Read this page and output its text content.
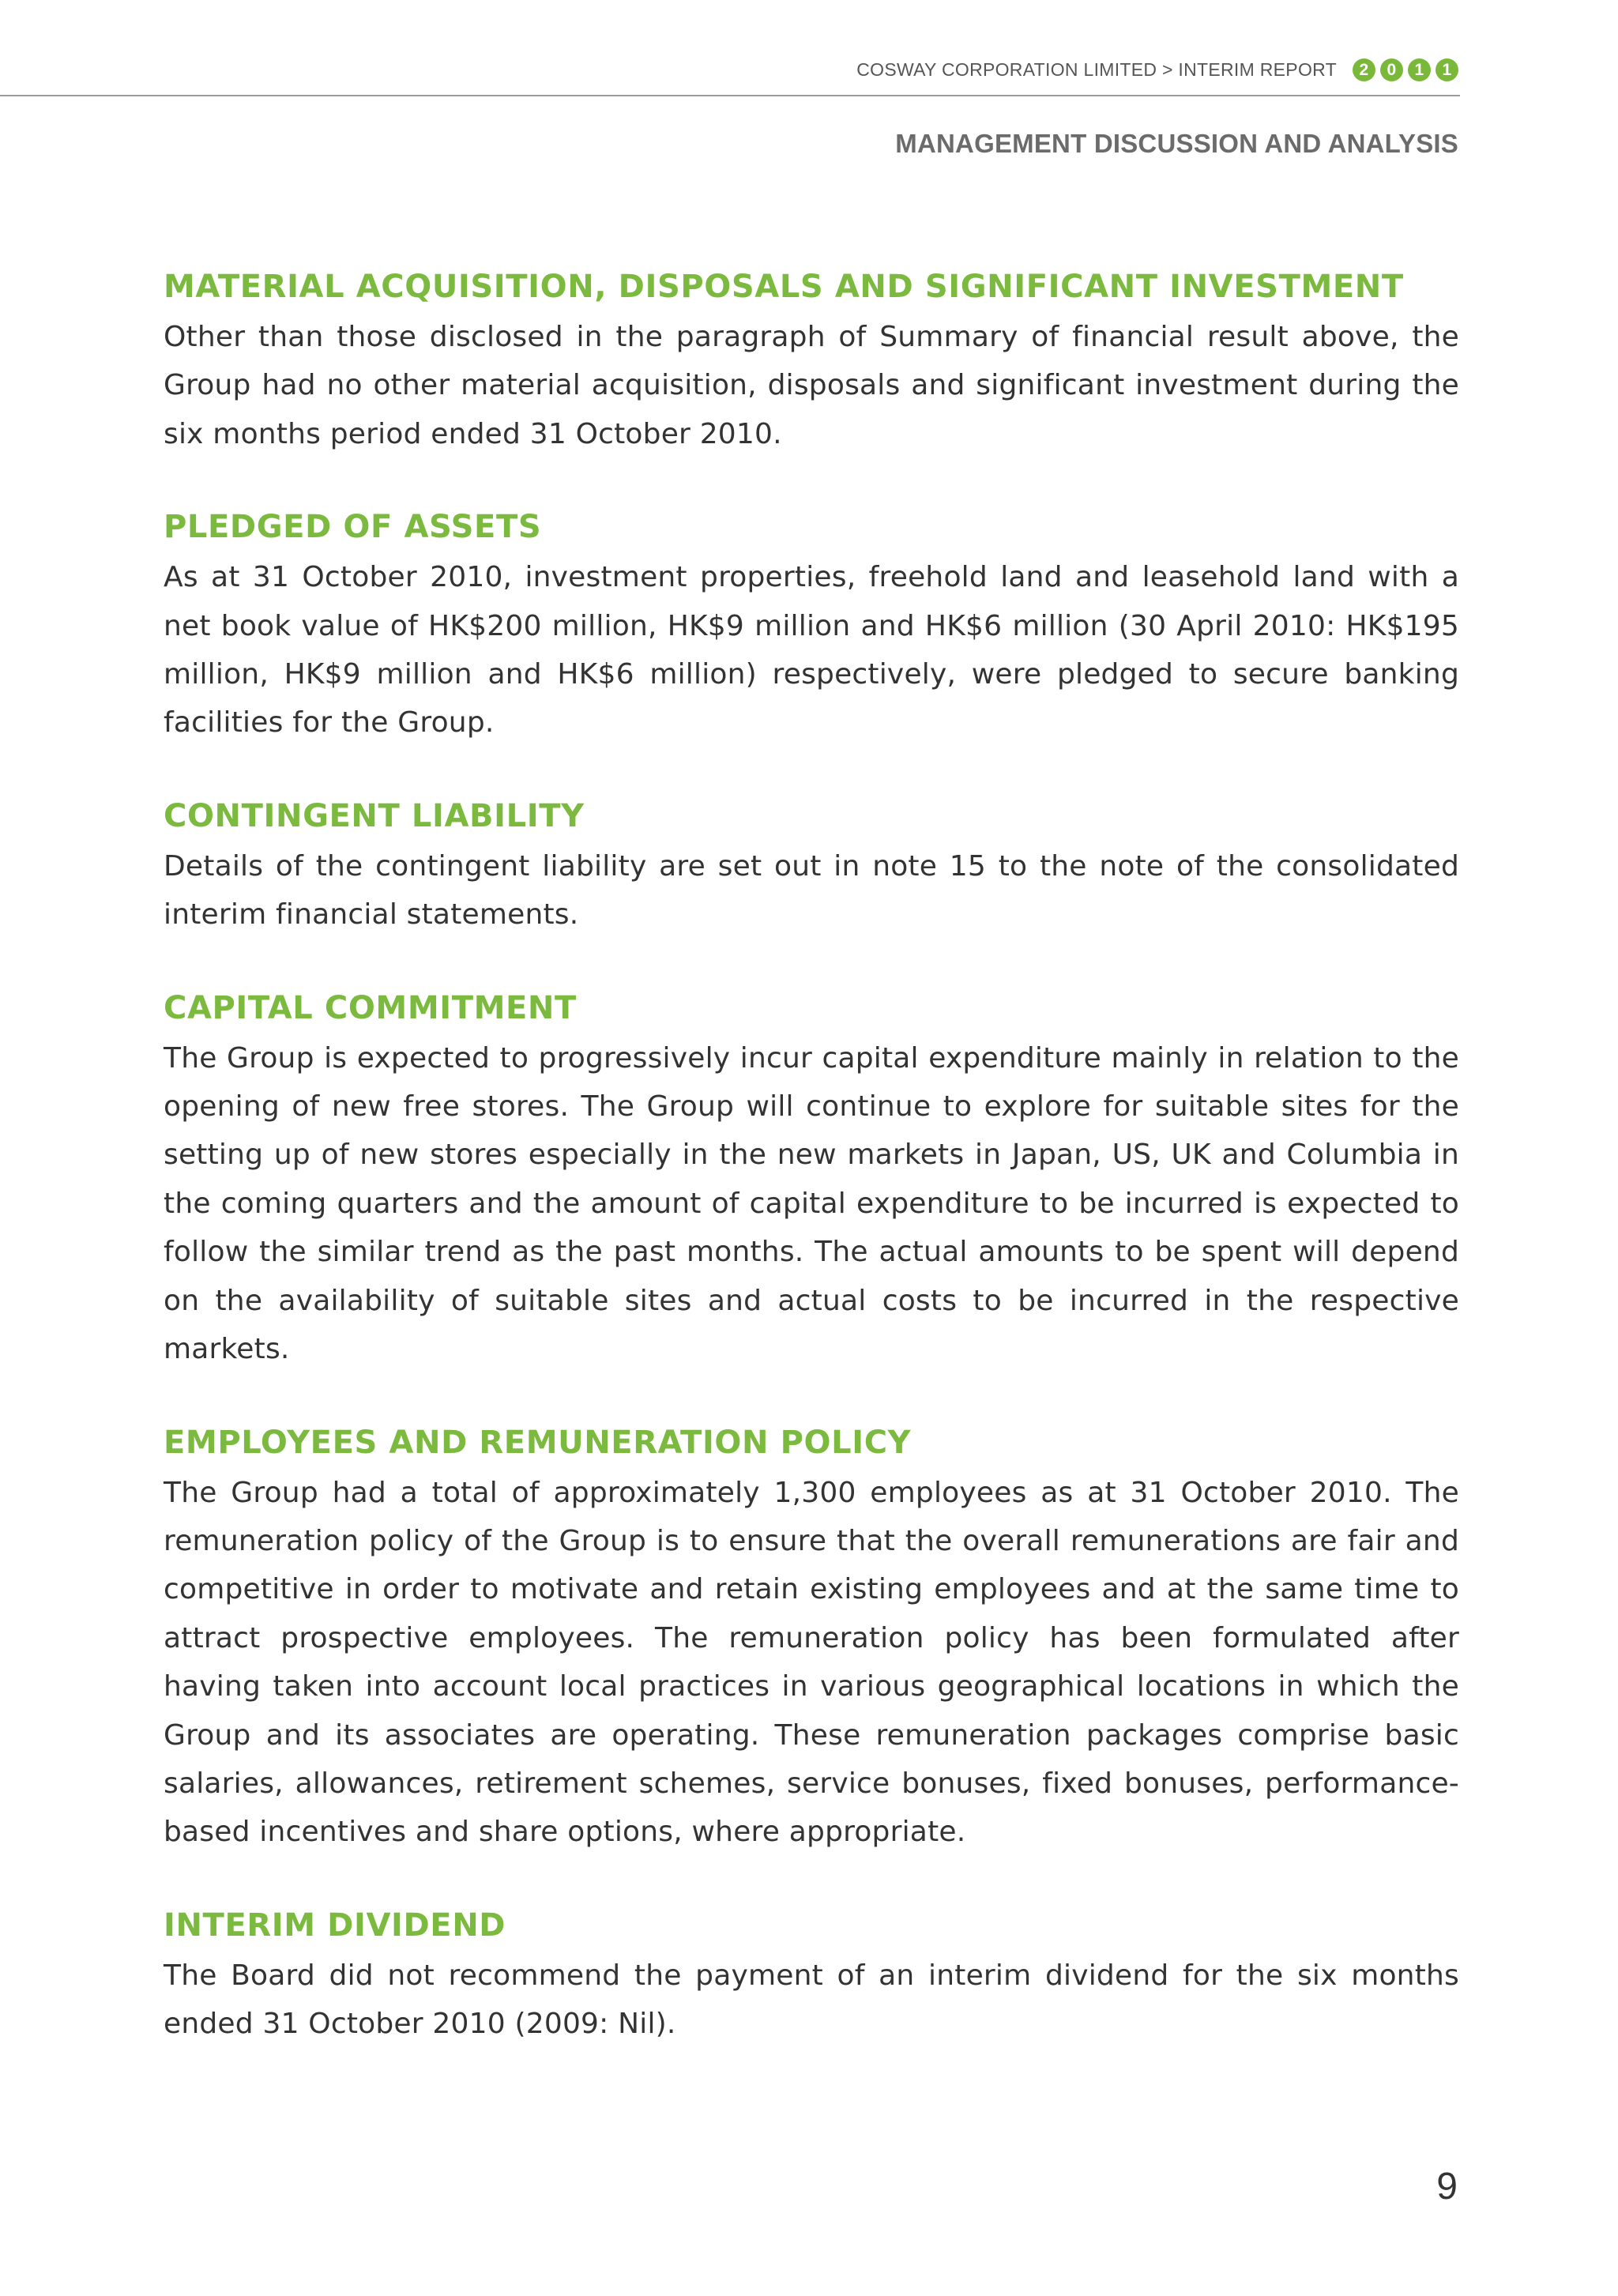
COSWAY CORPORATION LIMITED > INTERIM REPORT	2	0	1	1
MANAGEMENT DISCUSSION AND ANALYSIS
MATERIAL ACQUISITION, DISPOSALS AND SIGNIFICANT INVESTMENT

Other than those disclosed in the paragraph of Summary of financial result above, the Group had no other material acquisition, disposals and significant investment during the six months period ended 31 October 2010.

PLEDGED OF ASSETS

As at 31 October 2010, investment properties, freehold land and leasehold land with a net book value of HK$200 million, HK$9 million and HK$6 million (30 April 2010: HK$195 million, HK$9 million and HK$6 million) respectively, were pledged to secure banking facilities for the Group.

CONTINGENT LIABILITY

Details of the contingent liability are set out in note 15 to the note of the consolidated interim financial statements.

CAPITAL COMMITMENT

The Group is expected to progressively incur capital expenditure mainly in relation to the opening of new free stores. The Group will continue to explore for suitable sites for the setting up of new stores especially in the new markets in Japan, US, UK and Columbia in the coming quarters and the amount of capital expenditure to be incurred is expected to follow the similar trend as the past months. The actual amounts to be spent will depend on the availability of suitable sites and actual costs to be incurred in the respective markets.

EMPLOYEES AND REMUNERATION POLICY

The Group had a total of approximately 1,300 employees as at 31 October 2010. The remuneration policy of the Group is to ensure that the overall remunerations are fair and competitive in order to motivate and retain existing employees and at the same time to attract prospective employees. The remuneration policy has been formulated after having taken into account local practices in various geographical locations in which the Group and its associates are operating. These remuneration packages comprise basic salaries, allowances, retirement schemes, service bonuses, fixed bonuses, performance-based incentives and share options, where appropriate.

INTERIM DIVIDEND

The Board did not recommend the payment of an interim dividend for the six months ended 31 October 2010 (2009: Nil).

9
